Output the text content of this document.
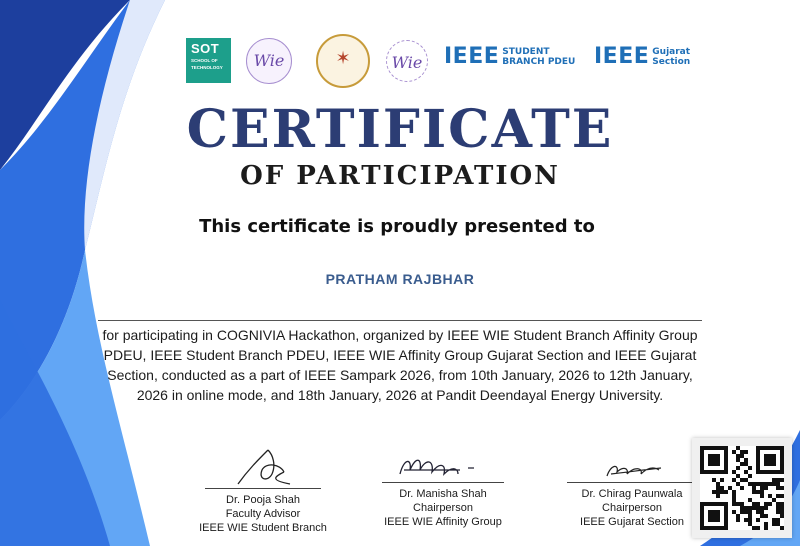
SOT
SCHOOL OF
TECHNOLOGY	Wie	✶	Wie IEEE STUDENT
BRANCH PDEU IEEE Gujarat
Section
CERTIFICATE
OF PARTICIPATION
This certificate is proudly presented to
PRATHAM RAJBHAR
for participating in COGNIVIA Hackathon, organized by IEEE WIE Student Branch Affinity Group PDEU, IEEE Student Branch PDEU, IEEE WIE Affinity Group Gujarat Section and IEEE Gujarat Section, conducted as a part of IEEE Sampark 2026, from 10th January, 2026 to 12th January, 2026 in online mode, and 18th January, 2026 at Pandit Deendayal Energy University.
Dr. Pooja Shah
Faculty Advisor
IEEE WIE Student Branch
Dr. Manisha Shah
Chairperson
IEEE WIE Affinity Group
Dr. Chirag Paunwala
Chairperson
IEEE Gujarat Section
